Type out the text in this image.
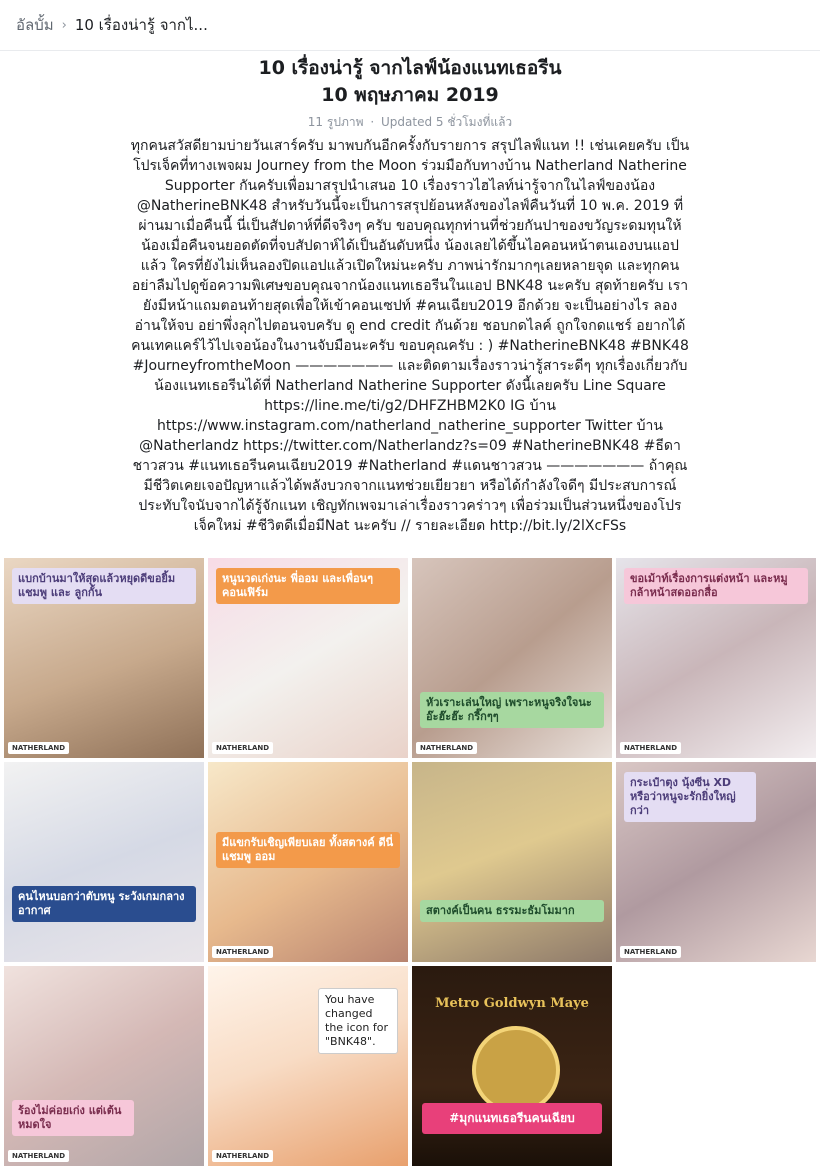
อัลบั้ม › 10 เรื่องน่ารู้ จากไ...
10 เรื่องน่ารู้ จากไลฟ์น้องแนทเธอรีน
10 พฤษภาคม 2019
11 รูปภาพ · Updated 5 ชั่วโมงที่แล้ว
ทุกคนสวัสดียามบ่ายวันเสาร์ครับ มาพบกันอีกครั้งกับรายการ สรุปไลฟ์แนท !! เช่นเคยครับ เป็นโปรเจ็คที่ทางเพจผม Journey from the Moon ร่วมมือกับทางบ้าน Natherland Natherine Supporter กันครับเพื่อมาสรุปนำเสนอ 10 เรื่องราวไฮไลท์น่ารู้จากในไลฟ์ของน้อง @NatherineBNK48 สำหรับวันนี้จะเป็นการสรุปย้อนหลังของไลฟ์คืนวันที่ 10 พ.ค. 2019 ที่ผ่านมาเมื่อคืนนี้ นี่เป็นสัปดาห์ที่ดีจริงๆ ครับ ขอบคุณทุกท่านที่ช่วยกันปาของขวัญระดมทุนให้น้องเมื่อคืนจนยอดตัดที่จบสัปดาห์ได้เป็นอันดับหนึ่ง น้องเลยได้ขึ้นไอคอนหน้าตนเองบนแอปแล้ว ใครที่ยังไม่เห็นลองปิดแอปแล้วเปิดใหม่นะครับ ภาพน่ารักมากๆเลยหลายจุด และทุกคนอย่าลืมไปดูข้อความพิเศษขอบคุณจากน้องแนทเธอรีนในแอป BNK48 นะครับ สุดท้ายครับ เรายังมีหน้าแถมตอนท้ายสุดเพื่อให้เข้าคอนเซปท์ #คนเฉียบ2019 อีกด้วย จะเป็นอย่างไร ลองอ่านให้จบ อย่าพึ่งลุกไปตอนจบครับ ดู end credit กันด้วย ชอบกดไลค์ ถูกใจกดแชร์ อยากได้คนเทคแคร์ไว้ไปเจอน้องในงานจับมือนะครับ ขอบคุณครับ : ) #NatherineBNK48 #BNK48 #JourneyfromtheMoon ——————— และติดตามเรื่องราวน่ารู้สาระดีๆ ทุกเรื่องเกี่ยวกับน้องแนทเธอรีนได้ที่ Natherland Natherine Supporter ดังนี้เลยครับ Line Square https://line.me/ti/g2/DHFZHBM2K0 IG บ้าน https://www.instagram.com/natherland_natherine_supporter Twitter บ้าน @Natherlandz https://twitter.com/Natherlandz?s=09 #NatherineBNK48 #ธีดาชาวสวน #แนทเธอรีนคนเฉียบ2019 #Natherland #แดนชาวสวน ——————— ถ้าคุณมีชีวิตเคยเจอปัญหาแล้วได้พลังบวกจากแนทช่วยเยียวยา หรือได้กำลังใจดีๆ มีประสบการณ์ประทับใจนับจากได้รู้จักแนท เชิญทักเพจมาเล่าเรื่องราวคร่าวๆ เพื่อร่วมเป็นส่วนหนึ่งของโปรเจ็คใหม่ #ชีวิตดีเมื่อมีNat นะครับ // รายละเอียด http://bit.ly/2lXcFSs
แบกบ้านมาให้สุดแล้วหยุดดีขอยิ้มแชมพู และ ลูกกั้น
NATHERLAND
หนูนวดเก่งนะ พี่ออม และเพื่อนๆ คอนเฟิร์ม
NATHERLAND
หัวเราะเล่นใหญ่ เพราะหนูจริงใจนะ อ๊ะฮ๊ะฮ๊ะ กรี๊กๆๆ
NATHERLAND
ขอเม้าท์เรื่องการแต่งหน้า และหมูกล้าหน้าสดออกสื่อ
NATHERLAND
คนไหนบอกว่าตับหนู ระวังเกมกลางอากาศ
มีแขกรับเชิญเพียบเลย ทั้งสตางค์ ดีนี่ แชมพู ออม
NATHERLAND
สตางค์เป็นคน ธรรมะธัมโมมาก
กระเป๋าตุง นุ้งซีน XD หรือว่าหนูจะรักยิ่งใหญ่กว่า
NATHERLAND
ร้องไม่ค่อยเก่ง แต่เต้นหมดใจ
NATHERLAND
You have changed the icon for "BNK48".
NATHERLAND
Metro Goldwyn Maye
#มุกแนทเธอรีนคนเฉียบ
